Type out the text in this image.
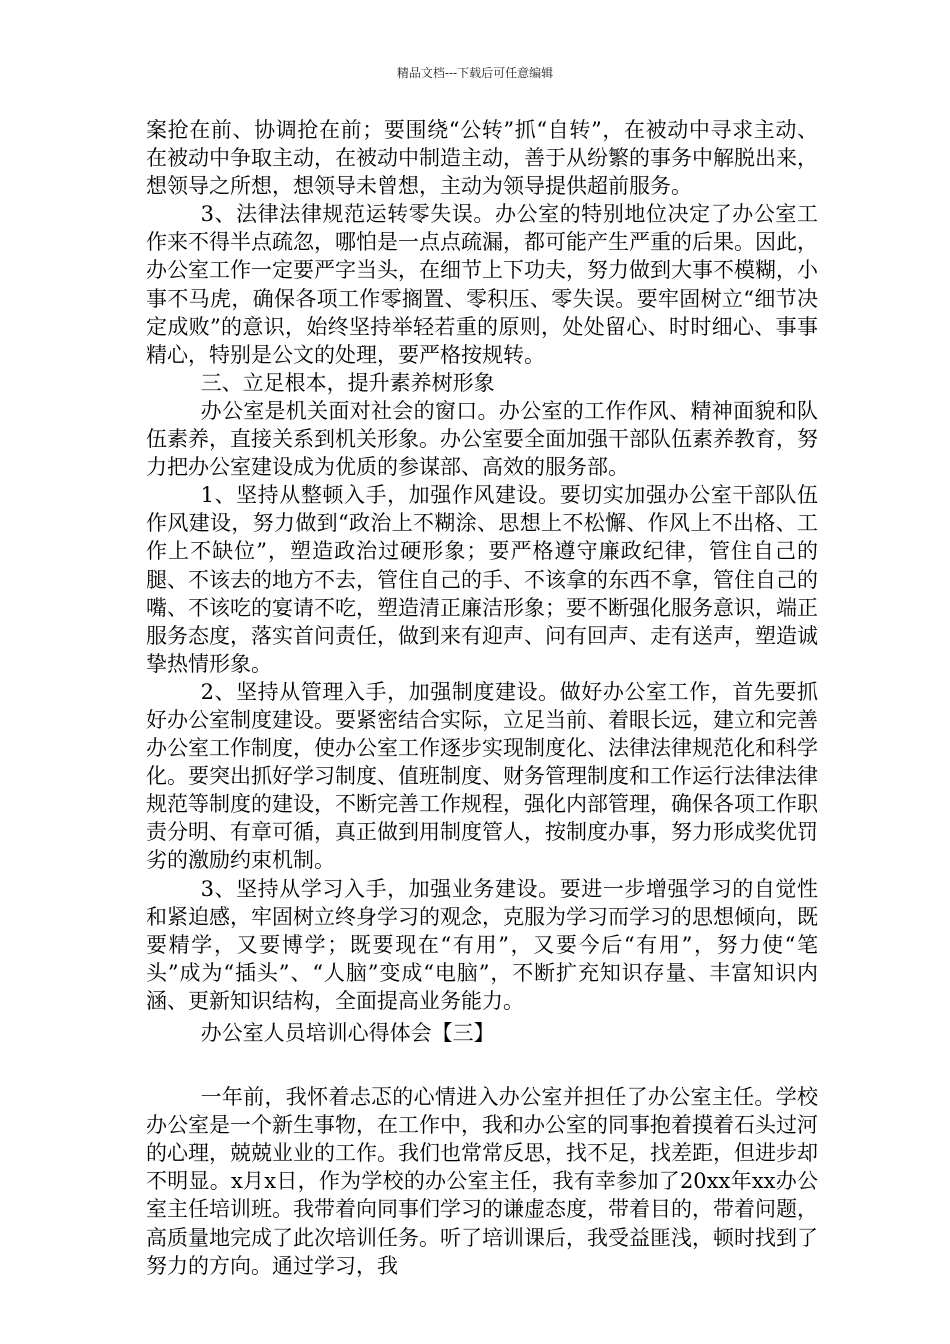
精品文档---下载后可任意编辑

案抢在前、协调抢在前；要围绕“公转”抓“自转”，在被动中寻求主动、在被动中争取主动，在被动中制造主动，善于从纷繁的事务中解脱出来，想领导之所想，想领导未曾想，主动为领导提供超前服务。

3、法律法律规范运转零失误。办公室的特别地位决定了办公室工作来不得半点疏忽，哪怕是一点点疏漏，都可能产生严重的后果。因此，办公室工作一定要严字当头，在细节上下功夫，努力做到大事不模糊，小事不马虎，确保各项工作零搁置、零积压、零失误。要牢固树立“细节决定成败”的意识，始终坚持举轻若重的原则，处处留心、时时细心、事事精心，特别是公文的处理，要严格按规转。

三、立足根本，提升素养树形象

办公室是机关面对社会的窗口。办公室的工作作风、精神面貌和队伍素养，直接关系到机关形象。办公室要全面加强干部队伍素养教育，努力把办公室建设成为优质的参谋部、高效的服务部。

1、坚持从整顿入手，加强作风建设。要切实加强办公室干部队伍作风建设，努力做到“政治上不糊涂、思想上不松懈、作风上不出格、工作上不缺位”，塑造政治过硬形象；要严格遵守廉政纪律，管住自己的腿、不该去的地方不去，管住自己的手、不该拿的东西不拿，管住自己的嘴、不该吃的宴请不吃，塑造清正廉洁形象；要不断强化服务意识，端正服务态度，落实首问责任，做到来有迎声、问有回声、走有送声，塑造诚挚热情形象。

2、坚持从管理入手，加强制度建设。做好办公室工作，首先要抓好办公室制度建设。要紧密结合实际，立足当前、着眼长远，建立和完善办公室工作制度，使办公室工作逐步实现制度化、法律法律规范化和科学化。要突出抓好学习制度、值班制度、财务管理制度和工作运行法律法律规范等制度的建设，不断完善工作规程，强化内部管理，确保各项工作职责分明、有章可循，真正做到用制度管人，按制度办事，努力形成奖优罚劣的激励约束机制。

3、坚持从学习入手，加强业务建设。要进一步增强学习的自觉性和紧迫感，牢固树立终身学习的观念，克服为学习而学习的思想倾向，既要精学，又要博学；既要现在“有用”，又要今后“有用”，努力使“笔头”成为“插头”、“人脑”变成“电脑”，不断扩充知识存量、丰富知识内涵、更新知识结构，全面提高业务能力。

办公室人员培训心得体会【三】

一年前，我怀着忐忑的心情进入办公室并担任了办公室主任。学校办公室是一个新生事物，在工作中，我和办公室的同事抱着摸着石头过河的心理，兢兢业业的工作。我们也常常反思，找不足，找差距，但进步却不明显。x月x日，作为学校的办公室主任，我有幸参加了20xx年xx办公室主任培训班。我带着向同事们学习的谦虚态度，带着目的，带着问题，高质量地完成了此次培训任务。听了培训课后，我受益匪浅，顿时找到了努力的方向。通过学习，我
